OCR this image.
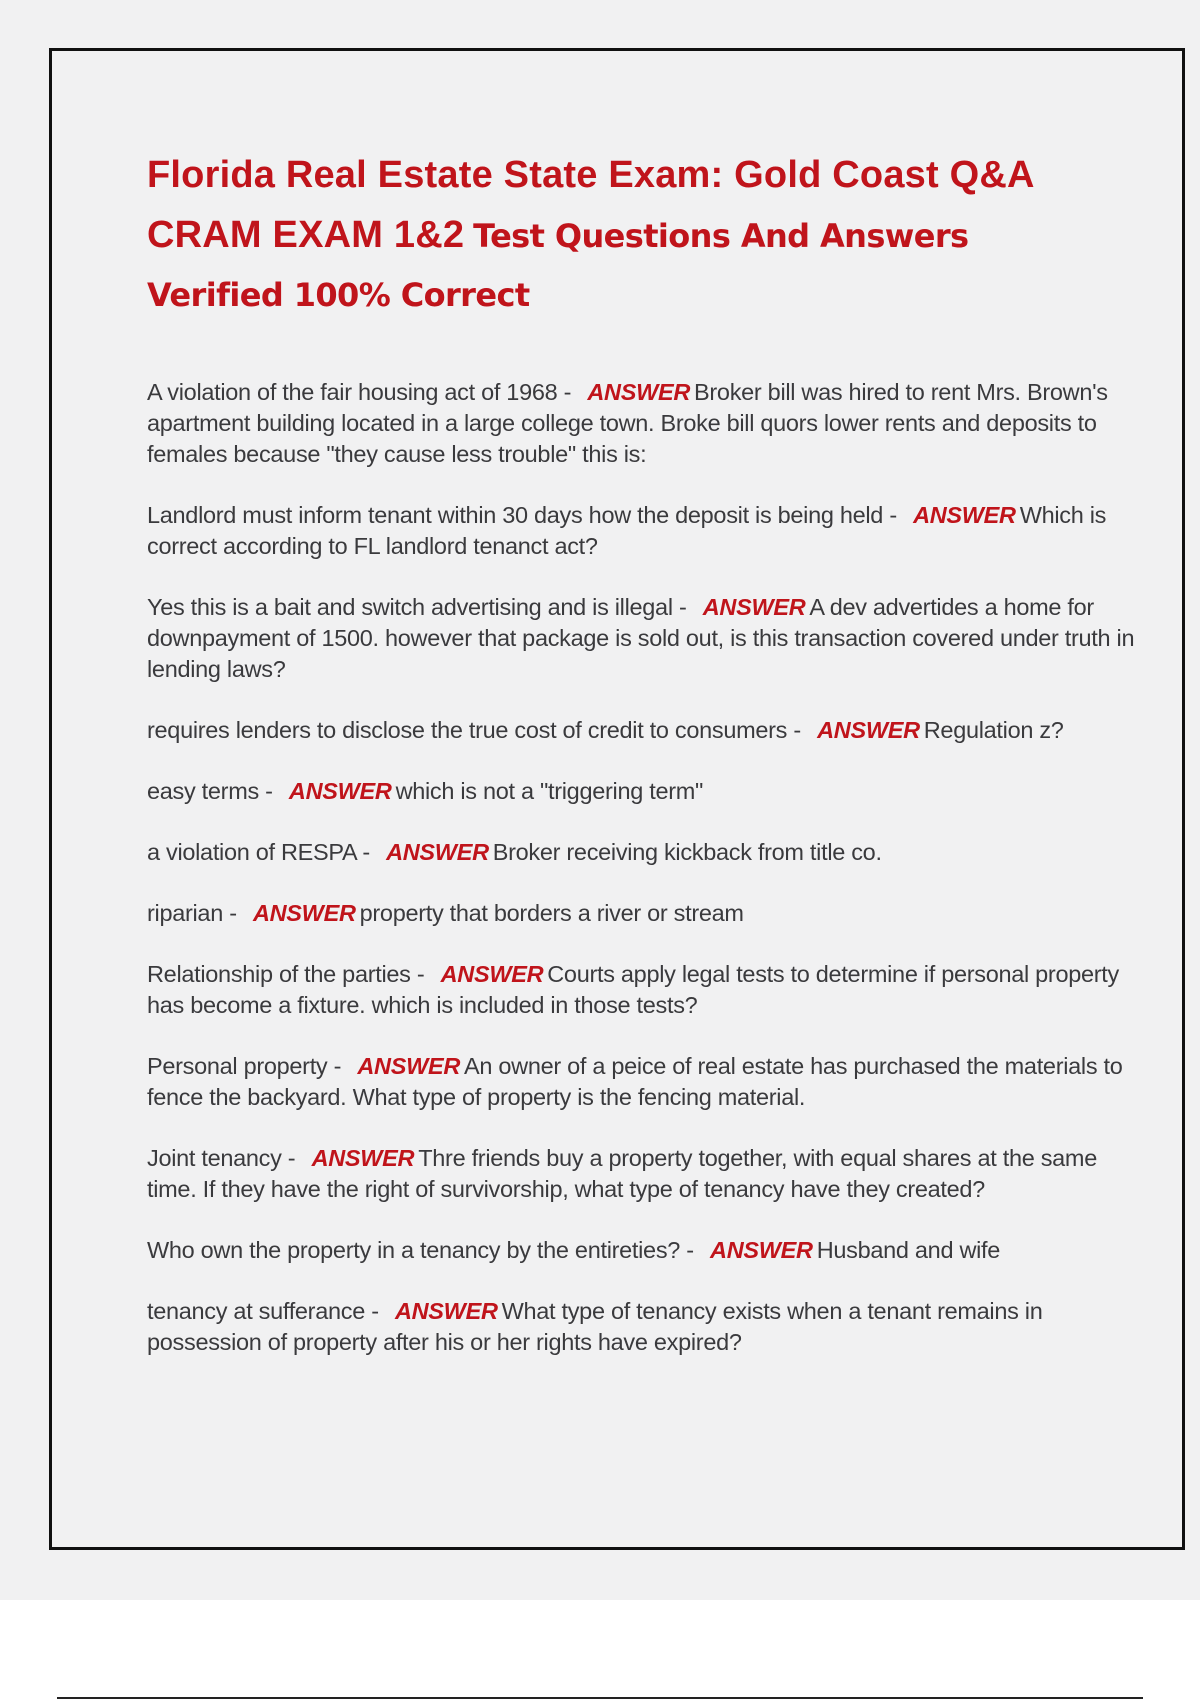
Florida Real Estate State Exam: Gold Coast Q&A CRAM EXAM 1&2 Test Questions And Answers Verified 100% Correct

A violation of the fair housing act of 1968 - ANSWER Broker bill was hired to rent Mrs. Brown's apartment building located in a large college town. Broke bill quors lower rents and deposits to females because "they cause less trouble" this is:

Landlord must inform tenant within 30 days how the deposit is being held - ANSWER Which is correct according to FL landlord tenanct act?

Yes this is a bait and switch advertising and is illegal - ANSWER A dev advertides a home for downpayment of 1500. however that package is sold out, is this transaction covered under truth in lending laws?

requires lenders to disclose the true cost of credit to consumers - ANSWER Regulation z?

easy terms - ANSWER which is not a "triggering term"

a violation of RESPA - ANSWER Broker receiving kickback from title co.

riparian - ANSWER property that borders a river or stream

Relationship of the parties - ANSWER Courts apply legal tests to determine if personal property has become a fixture. which is included in those tests?

Personal property - ANSWER An owner of a peice of real estate has purchased the materials to fence the backyard. What type of property is the fencing material.

Joint tenancy - ANSWER Thre friends buy a property together, with equal shares at the same time. If they have the right of survivorship, what type of tenancy have they created?

Who own the property in a tenancy by the entireties? - ANSWER Husband and wife

tenancy at sufferance - ANSWER What type of tenancy exists when a tenant remains in possession of property after his or her rights have expired?
